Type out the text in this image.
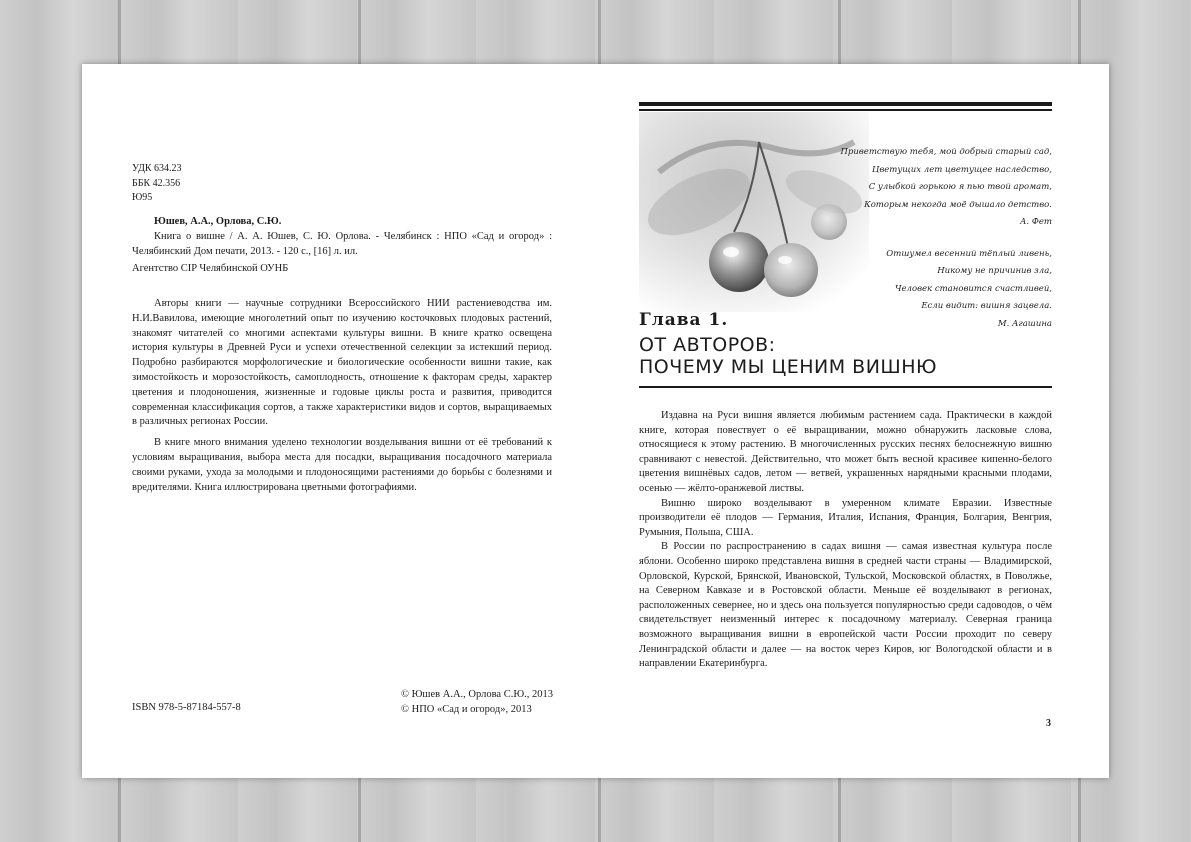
УДК 634.23
ББК 42.356
Ю95
Юшев, А.А., Орлова, С.Ю.
Книга о вишне / А. А. Юшев, С. Ю. Орлова. - Челябинск : НПО «Сад и огород» : Челябинский Дом печати, 2013. - 120 с., [16] л. ил.
Агентство CIP Челябинской ОУНБ

Авторы книги — научные сотрудники Всероссийского НИИ растениеводства им. Н.И.Вавилова, имеющие многолетний опыт по изучению косточковых плодовых растений, знакомят читателей со многими аспектами культуры вишни. В книге кратко освещена история культуры в Древней Руси и успехи отечественной селекции за истекший период. Подробно разбираются морфологические и биологические особенности вишни такие, как зимостойкость и морозостойкость, самоплодность, отношение к факторам среды, характер цветения и плодоношения, жизненные и годовые циклы роста и развития, приводится современная классификация сортов, а также характеристики видов и сортов, выращиваемых в различных регионах России.

В книге много внимания уделено технологии возделывания вишни от её требований к условиям выращивания, выбора места для посадки, выращивания посадочного материала своими руками, ухода за молодыми и плодоносящими растениями до борьбы с болезнями и вредителями. Книга иллюстрирована цветными фотографиями.

© Юшев А.А., Орлова С.Ю., 2013
© НПО «Сад и огород», 2013
ISBN 978-5-87184-557-8
Приветствую тебя, мой добрый старый сад,
Цветущих лет цветущее наследство,
С улыбкой горькою я пью твой аромат,
Которым некогда моё дышало детство.
А. Фет
Отшумел весенний тёплый ливень,
Никому не причинив зла,
Человек становится счастливей,
Если видит: вишня зацвела.
М. Агашина
Глава 1.
ОТ АВТОРОВ:
ПОЧЕМУ МЫ ЦЕНИМ ВИШНЮ

Издавна на Руси вишня является любимым растением сада. Практически в каждой книге, которая повествует о её выращивании, можно обнаружить ласковые слова, относящиеся к этому растению. В многочисленных русских песнях белоснежную вишню сравнивают с невестой. Действительно, что может быть весной красивее кипенно-белого цветения вишнёвых садов, летом — ветвей, украшенных нарядными красными плодами, осенью — жёлто-оранжевой листвы.

Вишню широко возделывают в умеренном климате Евразии. Известные производители её плодов — Германия, Италия, Испания, Франция, Болгария, Венгрия, Румыния, Польша, США.

В России по распространению в садах вишня — самая известная культура после яблони. Особенно широко представлена вишня в средней части страны — Владимирской, Орловской, Курской, Брянской, Ивановской, Тульской, Московской областях, в Поволжье, на Северном Кавказе и в Ростовской области. Меньше её возделывают в регионах, расположенных севернее, но и здесь она пользуется популярностью среди садоводов, о чём свидетельствует неизменный интерес к посадочному материалу. Северная граница возможного выращивания вишни в европейской части России проходит по северу Ленинградской области и далее — на восток через Киров, юг Вологодской области и в направлении Екатеринбурга.

3
